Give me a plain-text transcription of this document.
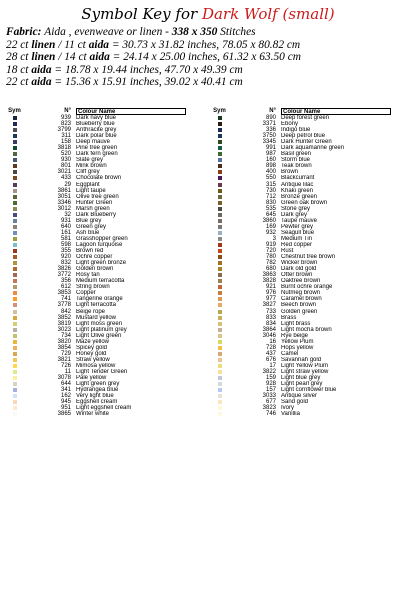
Symbol Key for Dark Wolf (small)
Fabric: Aida , evenweave or linen - 338 x 350 Stitches
22 ct linen / 11 ct aida = 30.73 x 31.82 inches, 78.05 x 80.82 cm
28 ct linen / 14 ct aida = 24.14 x 25.00 inches, 61.32 x 63.50 cm
18 ct aida = 18.78 x 19.44 inches, 47.70 x 49.39 cm
22 ct aida = 15.36 x 15.91 inches, 39.02 x 40.41 cm
Sym	N°	Colour Name
939 Dark navy blue
823 Blueberry blue
3799 Anthracite grey
311 Dark polar blue
158 Deep mauve
3818 Pine tree green
520 Dark fern green
930 Slate grey
801 Mink brown
3021 Cliff grey
433 Chocolate brown
29 Eggplant
3861 Light taupe
3051 Olive tree green
3346 Hunter Green
3012 Marsh green
32 Dark Blueberry
931 Blue grey
640 Green grey
161 Ash blue
581 Grasshopper green
598 Lagoon turquoise
355 Brown red
920 Ochre copper
832 Light green bronze
3826 Golden brown
3772 Rosy tan
356 Medium terracotta
612 String brown
3853 Copper
741 Tangerine orange
3778 Light terracotta
842 Beige rope
3852 Mustard yellow
3819 Light moss green
3023 Light platinum grey
734 Light Olive green
3820 Maze yellow
3854 Spicey gold
729 Honey gold
3821 Straw yellow
726 Mimosa yellow
11 Light Tender Green
3078 Pale yellow
644 Light green grey
341 Hydrangea blue
162 Very light blue
945 Eggshell cream
951 Light eggshell cream
3865 Winter white
Sym	N°	Colour Name
890 Deep forest green
3371 Ebony
336 Indigo blue
3750 Deep petrol blue
3345 Dark Hunter Green
991 Dark aquamarine green
987 Basil green
160 Storm blue
898 Teak brown
400 Brown
550 Blackcurrant
315 Antique lilac
730 Khaki green
712 Bronze green
830 Green oak brown
535 Stone grey
645 Dark grey
3860 Taupe mauve
169 Pewter grey
932 Seagull blue
3 Medium Tin
919 Red copper
720 Rust
780 Chestnut tree brown
782 Wicker brown
680 Dark old gold
3863 Otter brown
3828 Oaktree brown
921 Burnt ochre orange
976 Nutmeg brown
977 Caramel brown
3827 Beech brown
733 Golden green
833 Brass
834 Light brass
3864 Light mocha brown
3046 Rye beige
16 Yellow Plum
728 Hops yellow
437 Camel
676 Savannah gold
17 Light Yellow Plum
3822 Light straw yellow
159 Light blue grey
928 Light pearl grey
157 Light cornflower blue
3033 Antique silver
677 Sand gold
3823 Ivory
746 Vanillia
